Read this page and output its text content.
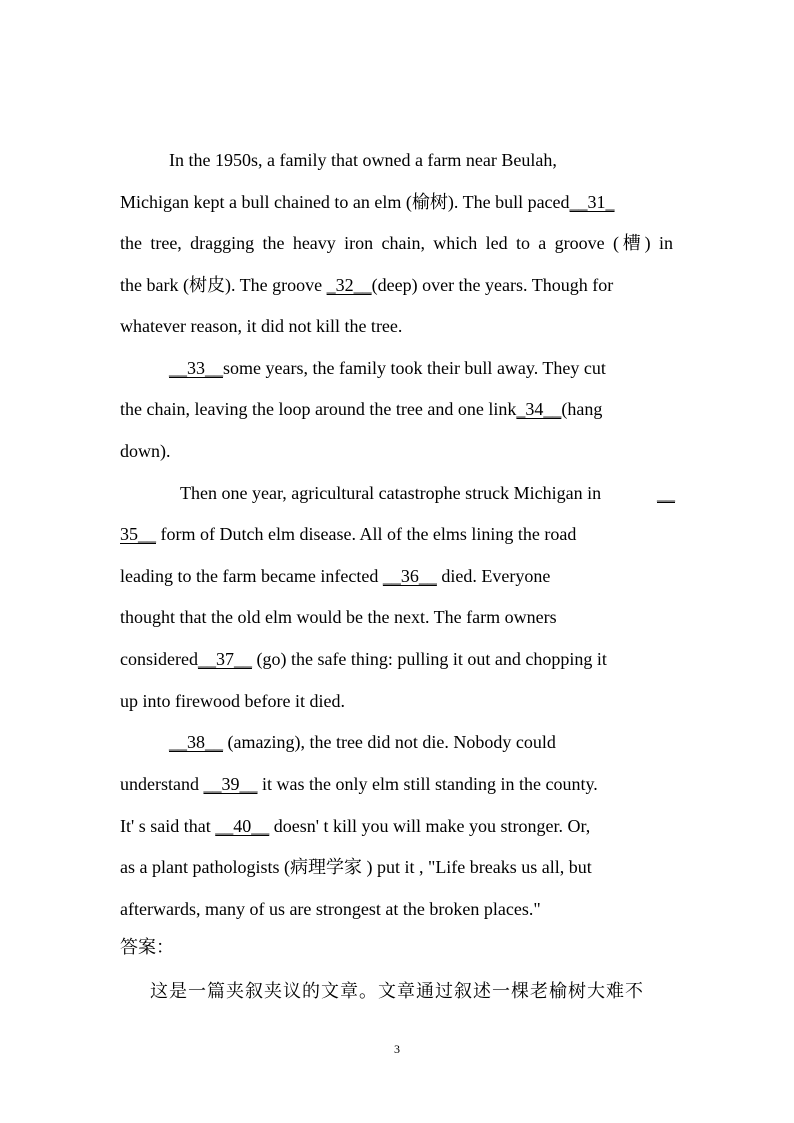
In the 1950s, a family that owned a farm near Beulah,
Michigan kept a bull chained to an elm (榆树). The bull paced__31_
the tree, dragging the heavy iron chain, which led to a groove (槽) in
the bark (树皮). The groove _32__(deep) over the years. Though for
whatever reason, it did not kill the tree.
__33__some years, the family took their bull away. They cut
the chain, leaving the loop around the tree and one link_34__(hang
down).
Then one year, agricultural catastrophe struck Michigan in	__
35__ form of Dutch elm disease. All of the elms lining the road
leading to the farm became infected __36__ died. Everyone
thought that the old elm would be the next. The farm owners
considered__37__ (go) the safe thing: pulling it out and chopping it
up into firewood before it died.
__38__ (amazing), the tree did not die. Nobody could
understand __39__ it was the only elm still standing in the county.
It' s said that __40__ doesn' t kill you will make you stronger. Or,
as a plant pathologists (病理学家 ) put it , "Life breaks us all, but
afterwards, many of us are strongest at the broken places."
答案：
这是一篇夹叙夹议的文章。文章通过叙述一棵老榆树大难不
3
